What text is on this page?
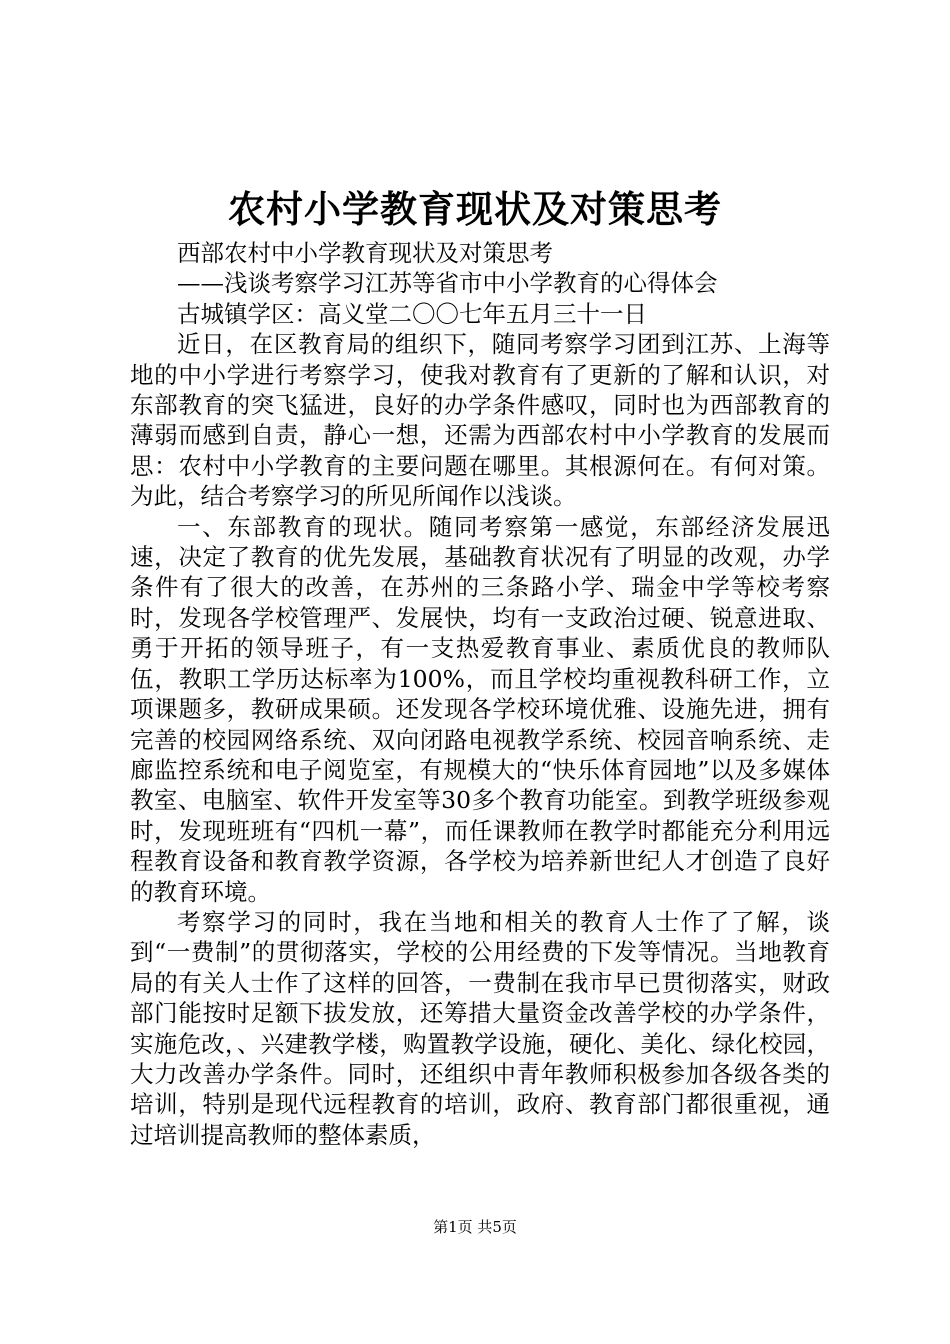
农村小学教育现状及对策思考

西部农村中小学教育现状及对策思考

——浅谈考察学习江苏等省市中小学教育的心得体会

古城镇学区：高义堂二〇〇七年五月三十一日

近日，在区教育局的组织下，随同考察学习团到江苏、上海等地的中小学进行考察学习，使我对教育有了更新的了解和认识，对东部教育的突飞猛进，良好的办学条件感叹，同时也为西部教育的薄弱而感到自责，静心一想，还需为西部农村中小学教育的发展而思：农村中小学教育的主要问题在哪里。其根源何在。有何对策。为此，结合考察学习的所见所闻作以浅谈。

一、东部教育的现状。随同考察第一感觉，东部经济发展迅速，决定了教育的优先发展，基础教育状况有了明显的改观，办学条件有了很大的改善，在苏州的三条路小学、瑞金中学等校考察时，发现各学校管理严、发展快，均有一支政治过硬、锐意进取、勇于开拓的领导班子，有一支热爱教育事业、素质优良的教师队伍，教职工学历达标率为100%，而且学校均重视教科研工作，立项课题多，教研成果硕。还发现各学校环境优雅、设施先进，拥有完善的校园网络系统、双向闭路电视教学系统、校园音响系统、走廊监控系统和电子阅览室，有规模大的“快乐体育园地”以及多媒体教室、电脑室、软件开发室等30多个教育功能室。到教学班级参观时，发现班班有“四机一幕”，而任课教师在教学时都能充分利用远程教育设备和教育教学资源，各学校为培养新世纪人才创造了良好的教育环境。

考察学习的同时，我在当地和相关的教育人士作了了解，谈到“一费制”的贯彻落实，学校的公用经费的下发等情况。当地教育局的有关人士作了这样的回答，一费制在我市早已贯彻落实，财政部门能按时足额下拔发放，还筹措大量资金改善学校的办学条件，实施危改，、兴建教学楼，购置教学设施，硬化、美化、绿化校园，大力改善办学条件。同时，还组织中青年教师积极参加各级各类的培训，特别是现代远程教育的培训，政府、教育部门都很重视，通过培训提高教师的整体素质，

第1页 共5页
